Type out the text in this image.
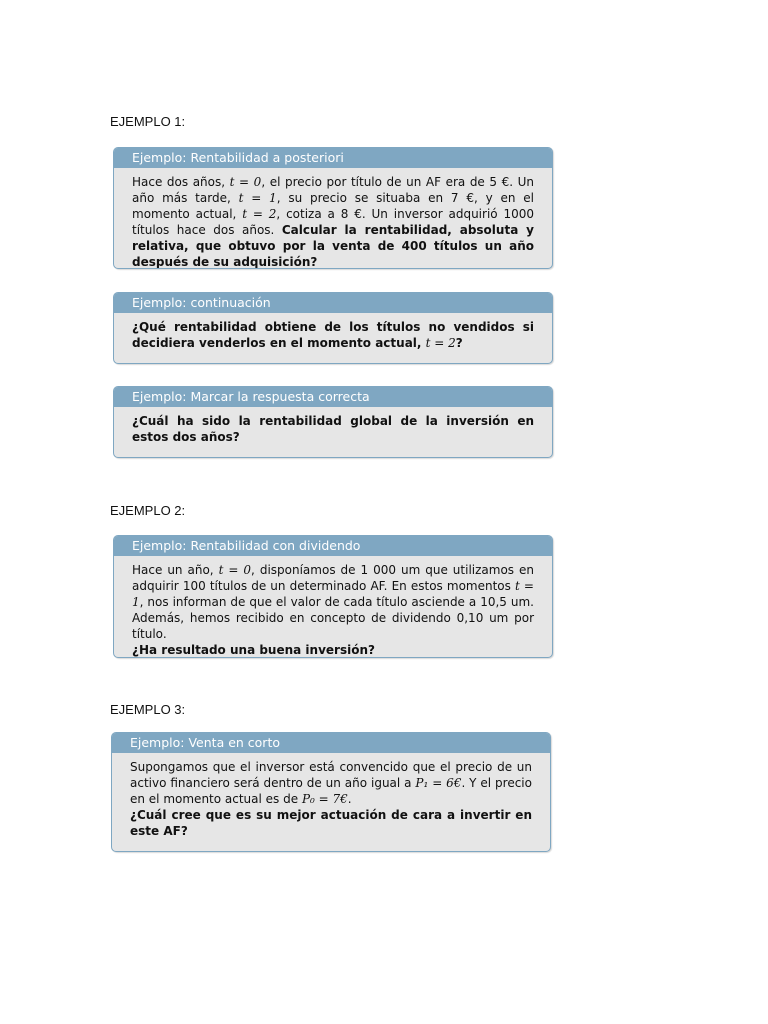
EJEMPLO 1:
Ejemplo: Rentabilidad a posteriori
Hace dos años, t = 0, el precio por título de un AF era de 5 €. Un año más tarde, t = 1, su precio se situaba en 7 €, y en el momento actual, t = 2, cotiza a 8 €. Un inversor adquirió 1000 títulos hace dos años. Calcular la rentabilidad, absoluta y relativa, que obtuvo por la venta de 400 títulos un año después de su adquisición?
Ejemplo: continuación
¿Qué rentabilidad obtiene de los títulos no vendidos si decidiera venderlos en el momento actual, t = 2?
Ejemplo: Marcar la respuesta correcta
¿Cuál ha sido la rentabilidad global de la inversión en estos dos años?
EJEMPLO 2:
Ejemplo: Rentabilidad con dividendo
Hace un año, t = 0, disponíamos de 1 000 um que utilizamos en adquirir 100 títulos de un determinado AF. En estos momentos t = 1, nos informan de que el valor de cada título asciende a 10,5 um. Además, hemos recibido en concepto de dividendo 0,10 um por título.
¿Ha resultado una buena inversión?
EJEMPLO 3:
Ejemplo: Venta en corto
Supongamos que el inversor está convencido que el precio de un activo financiero será dentro de un año igual a P₁ = 6€. Y el precio en el momento actual es de P₀ = 7€.
¿Cuál cree que es su mejor actuación de cara a invertir en este AF?
